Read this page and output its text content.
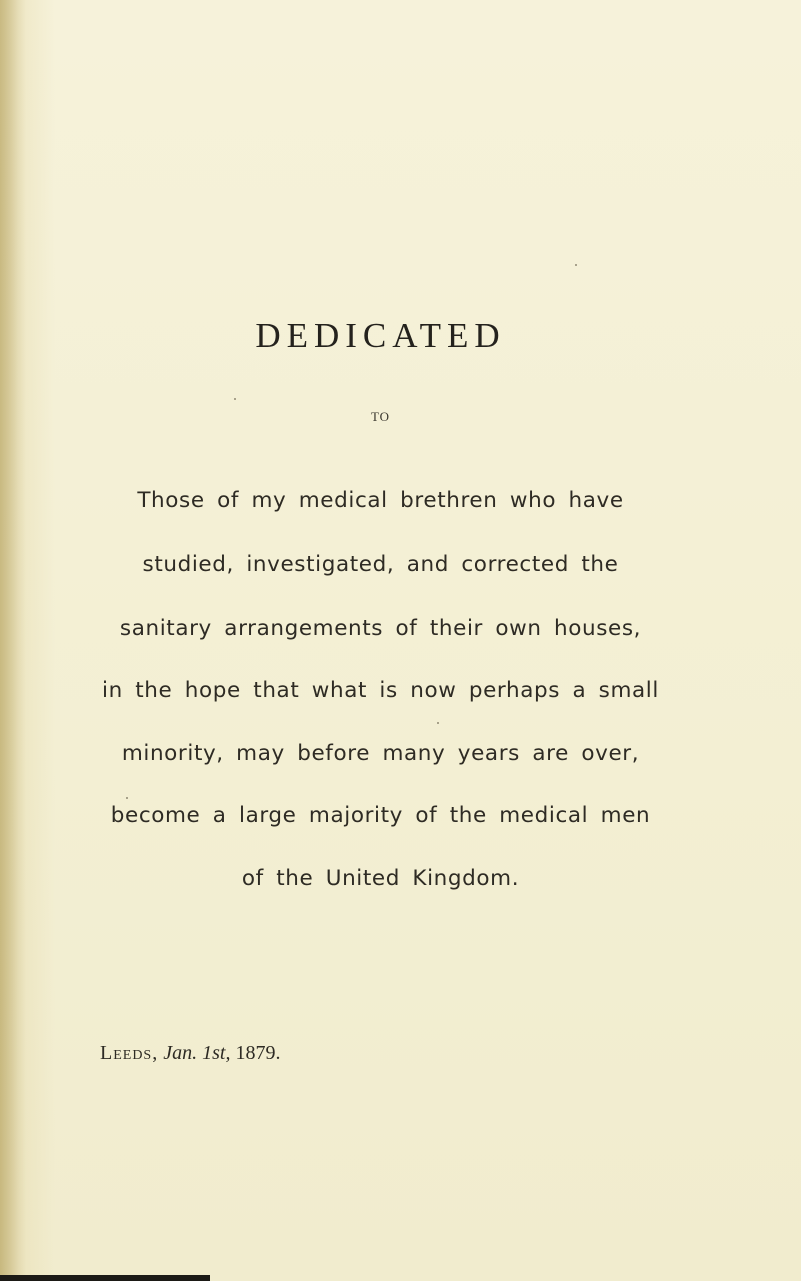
DEDICATED
TO
Those of my medical brethren who have
studied, investigated, and corrected the
sanitary arrangements of their own houses,
in the hope that what is now perhaps a small
minority, may before many years are over,
become a large majority of the medical men
of the United Kingdom.
Leeds, Jan. 1st, 1879.
